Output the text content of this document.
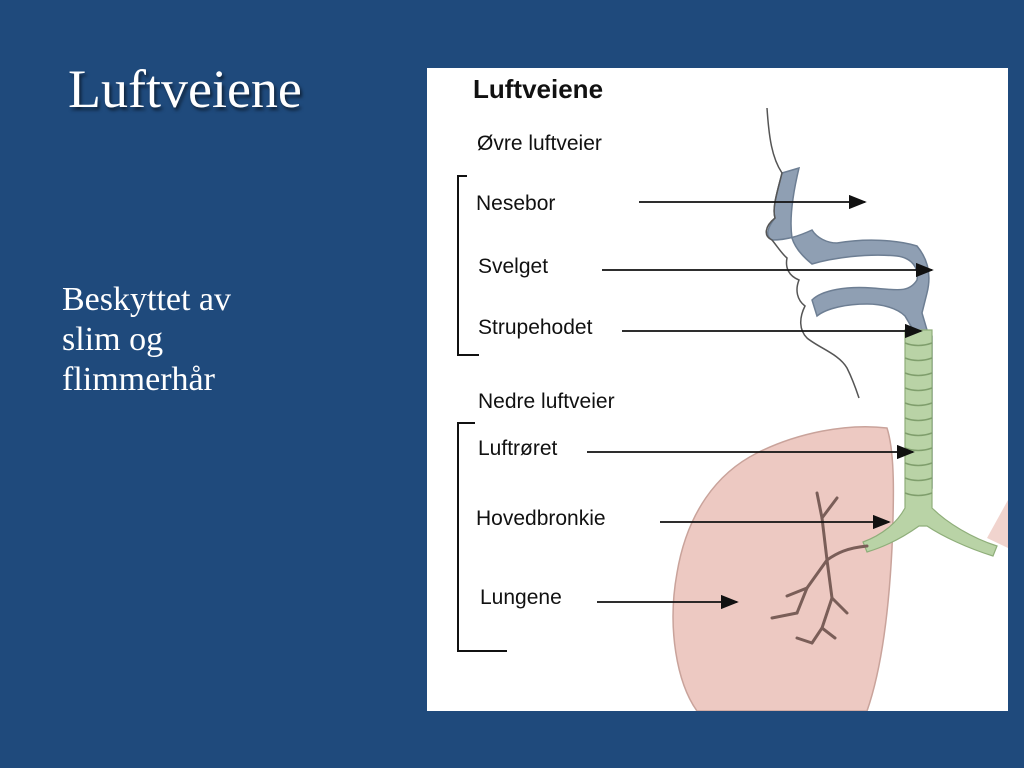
Luftveiene
Beskyttet av
slim og
flimmerhår
Luftveiene
Øvre luftveier
Nesebor
Svelget
Strupehodet
Nedre luftveier
Luftrøret
Hovedbronkie
Lungene
